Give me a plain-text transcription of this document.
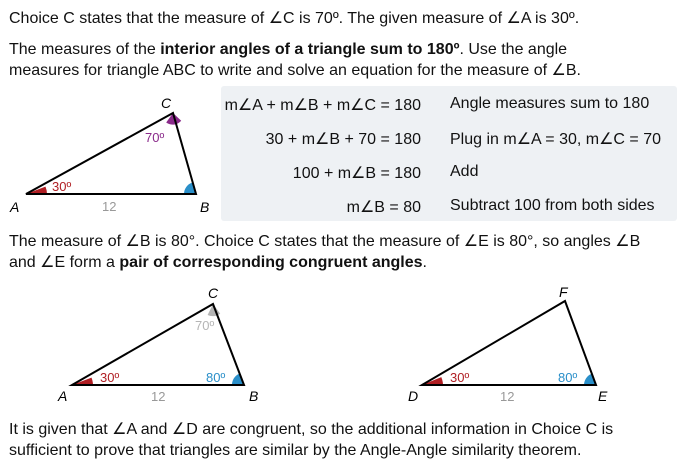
Choice C states that the measure of ∠C is 70º. The given measure of ∠A is 30º.
The measures of the interior angles of a triangle sum to 180º. Use the angle
measures for triangle ABC to write and solve an equation for the measure of ∠B.
A	B
C
30º
70º
12
m∠A + m∠B + m∠C = 180 Angle measures sum to 180
30 + m∠B + 70 = 180 Plug in m∠A = 30, m∠C = 70
100 + m∠B = 180 Add
m∠B = 80 Subtract 100 from both sides
The measure of ∠B is 80°. Choice C states that the measure of ∠E is 80°, so angles ∠B
and ∠E form a pair of corresponding congruent angles.
A	B
C
30º	80º
70º
12	D	E
F
30º	80º
12
It is given that ∠A and ∠D are congruent, so the additional information in Choice C is
sufficient to prove that triangles are similar by the Angle-Angle similarity theorem.
